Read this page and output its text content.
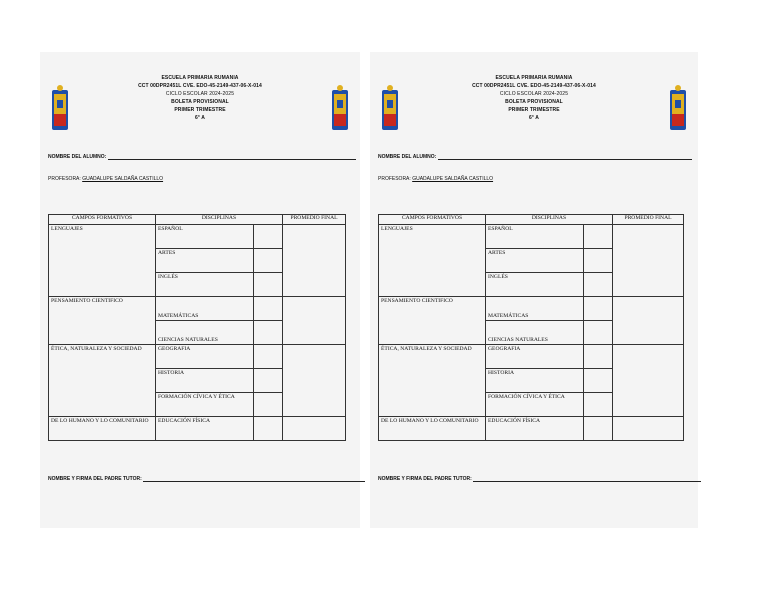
ESCUELA PRIMARIA RUMANIA
CCT 00DPR2451L CVE. EDO-45-2149-437-06-X-014
CICLO ESCOLAR 2024-2025
BOLETA PROVISIONAL
PRIMER TRIMESTRE
6° A
NOMBRE DEL ALUMNO:
PROFESORA: GUADALUPE SALDAÑA CASTILLO
CAMPOS FORMATIVOS	DISCIPLINAS		PROMEDIO FINAL
LENGUAJES	ESPAÑOL		
	ARTES		
	INGLÉS		
PENSAMIENTO CIENTIFICO	MATEMÁTICAS		
	CIENCIAS NATURALES		
ÉTICA, NATURALEZA Y SOCIEDAD	GEOGRAFIA		
	HISTORIA		
	FORMACIÓN CÍVICA Y ÉTICA		
DE LO HUMANO Y LO COMUNITARIO	EDUCACIÓN FÍSICA		
NOMBRE Y FIRMA DEL PADRE TUTOR:
ESCUELA PRIMARIA RUMANIA
CCT 00DPR2451L CVE. EDO-45-2149-437-06-X-014
CICLO ESCOLAR 2024-2025
BOLETA PROVISIONAL
PRIMER TRIMESTRE
6° A
NOMBRE DEL ALUMNO:
PROFESORA: GUADALUPE SALDAÑA CASTILLO
CAMPOS FORMATIVOS	DISCIPLINAS		PROMEDIO FINAL
LENGUAJES	ESPAÑOL		
	ARTES		
	INGLÉS		
PENSAMIENTO CIENTIFICO	MATEMÁTICAS		
	CIENCIAS NATURALES		
ÉTICA, NATURALEZA Y SOCIEDAD	GEOGRAFIA		
	HISTORIA		
	FORMACIÓN CÍVICA Y ÉTICA		
DE LO HUMANO Y LO COMUNITARIO	EDUCACIÓN FÍSICA		
NOMBRE Y FIRMA DEL PADRE TUTOR:
